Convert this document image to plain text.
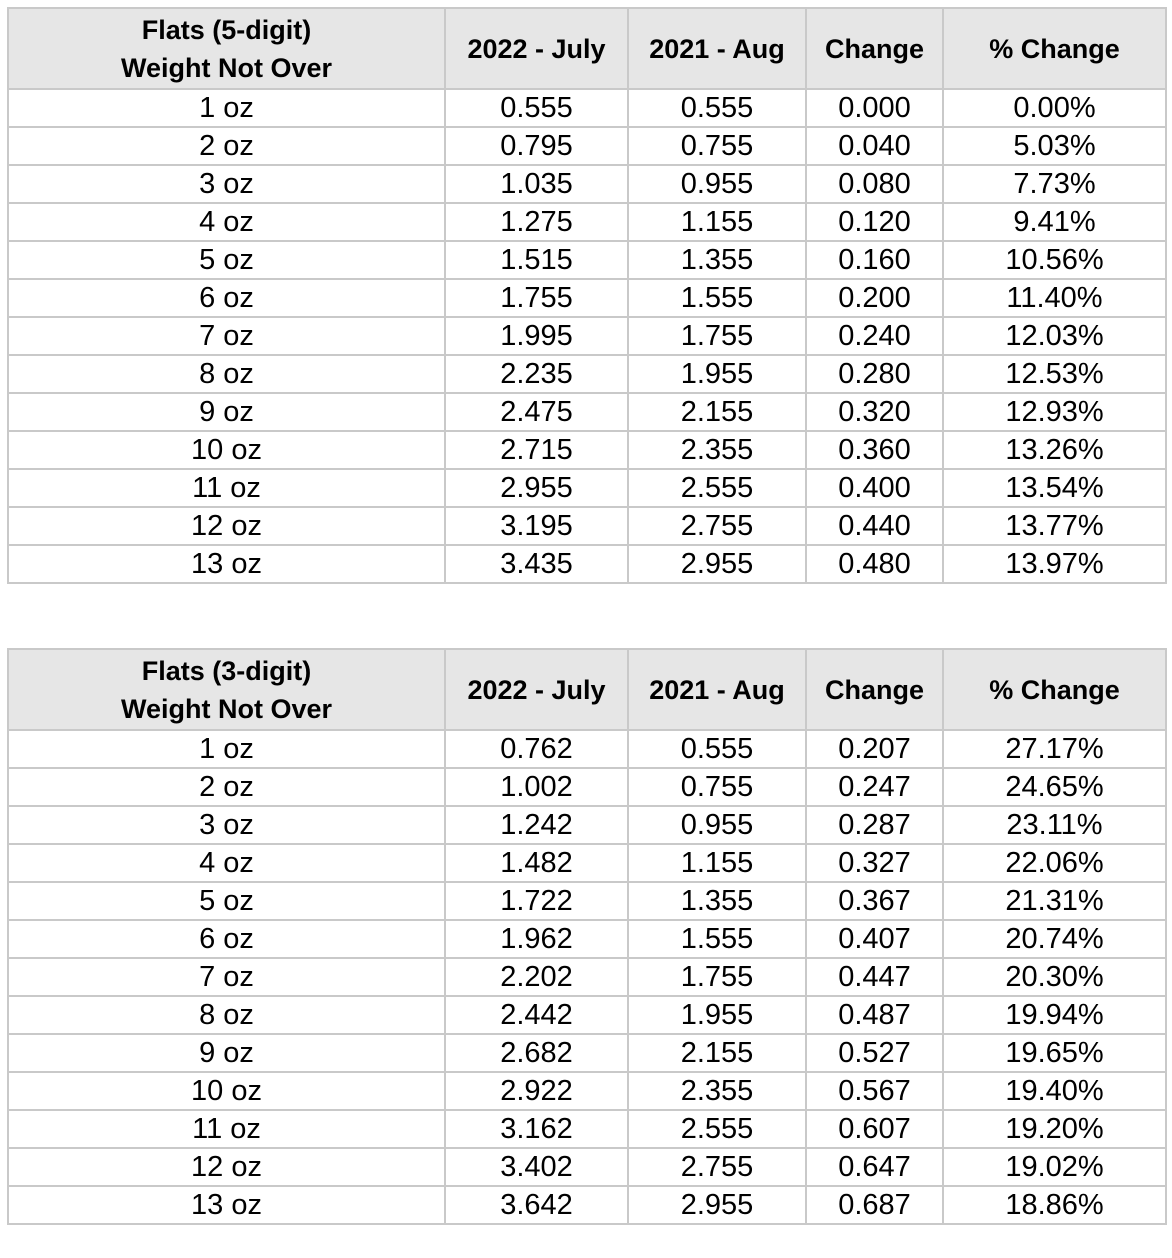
Flats (5-digit)
Weight Not Over	2022 - July	2021 - Aug	Change	% Change
1 oz	0.555	0.555	0.000	0.00%
2 oz	0.795	0.755	0.040	5.03%
3 oz	1.035	0.955	0.080	7.73%
4 oz	1.275	1.155	0.120	9.41%
5 oz	1.515	1.355	0.160	10.56%
6 oz	1.755	1.555	0.200	11.40%
7 oz	1.995	1.755	0.240	12.03%
8 oz	2.235	1.955	0.280	12.53%
9 oz	2.475	2.155	0.320	12.93%
10 oz	2.715	2.355	0.360	13.26%
11 oz	2.955	2.555	0.400	13.54%
12 oz	3.195	2.755	0.440	13.77%
13 oz	3.435	2.955	0.480	13.97%
Flats (3-digit)
Weight Not Over	2022 - July	2021 - Aug	Change	% Change
1 oz	0.762	0.555	0.207	27.17%
2 oz	1.002	0.755	0.247	24.65%
3 oz	1.242	0.955	0.287	23.11%
4 oz	1.482	1.155	0.327	22.06%
5 oz	1.722	1.355	0.367	21.31%
6 oz	1.962	1.555	0.407	20.74%
7 oz	2.202	1.755	0.447	20.30%
8 oz	2.442	1.955	0.487	19.94%
9 oz	2.682	2.155	0.527	19.65%
10 oz	2.922	2.355	0.567	19.40%
11 oz	3.162	2.555	0.607	19.20%
12 oz	3.402	2.755	0.647	19.02%
13 oz	3.642	2.955	0.687	18.86%
